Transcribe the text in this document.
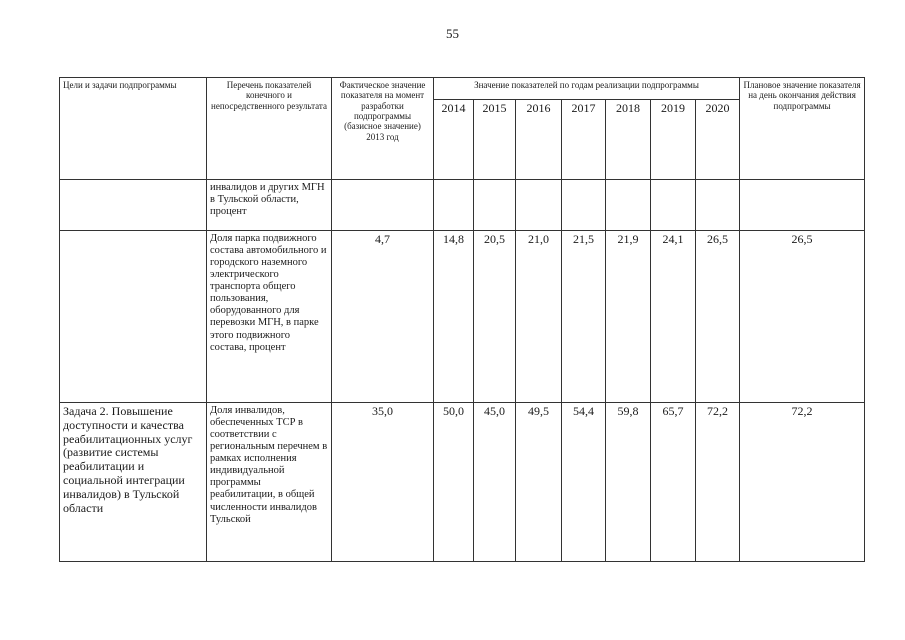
55
Цели и задачи подпрограммы	Перечень показателей конечного и непосредственного результата	Фактическое значение показателя на момент разработки подпрограммы (базисное значение) 2013 год	Значение показателей по годам реализации подпрограммы							Плановое значение показателя на день окончания действия подпрограммы
			2014	2015	2016	2017	2018	2019	2020	
	инвалидов и других МГН в Тульской области, процент									
	Доля парка подвижного состава автомобильного и городского наземного электрического транспорта общего пользования, оборудованного для перевозки МГН, в парке этого подвижного состава, процент	4,7	14,8	20,5	21,0	21,5	21,9	24,1	26,5	26,5
Задача 2. Повышение доступности и качества реабилитационных услуг (развитие системы реабилитации и социальной интеграции инвалидов) в Тульской области	Доля инвалидов, обеспеченных ТСР в соответствии с региональным перечнем в рамках исполнения индивидуальной программы реабилитации, в общей численности инвалидов Тульской	35,0	50,0	45,0	49,5	54,4	59,8	65,7	72,2	72,2
